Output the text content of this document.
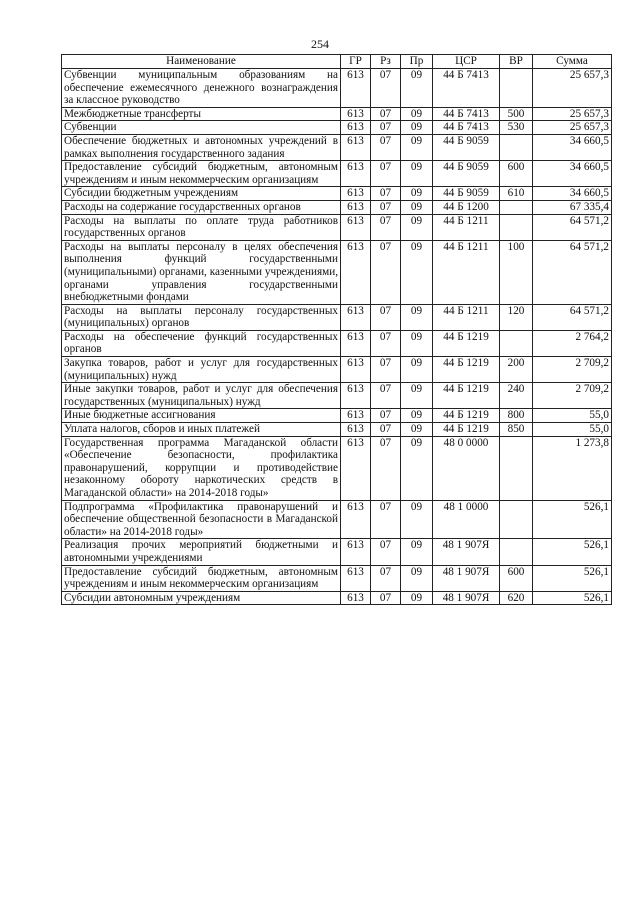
254
Наименование	ГР	Рз	Пр	ЦСР	ВР	Сумма
Субвенции муниципальным образованиям на обеспечение ежемесячного денежного вознаграждения за классное руководство	613	07	09	44 Б 7413		25 657,3
Межбюджетные трансферты	613	07	09	44 Б 7413	500	25 657,3
Субвенции	613	07	09	44 Б 7413	530	25 657,3
Обеспечение бюджетных и автономных учреждений в рамках выполнения государственного задания	613	07	09	44 Б 9059		34 660,5
Предоставление субсидий бюджетным, автономным учреждениям и иным некоммерческим организациям	613	07	09	44 Б 9059	600	34 660,5
Субсидии бюджетным учреждениям	613	07	09	44 Б 9059	610	34 660,5
Расходы на содержание государственных органов	613	07	09	44 Б 1200		67 335,4
Расходы на выплаты по оплате труда работников государственных органов	613	07	09	44 Б 1211		64 571,2
Расходы на выплаты персоналу в целях обеспечения выполнения функций государственными (муниципальными) органами, казенными учреждениями, органами управления государственными внебюджетными фондами	613	07	09	44 Б 1211	100	64 571,2
Расходы на выплаты персоналу государственных (муниципальных) органов	613	07	09	44 Б 1211	120	64 571,2
Расходы на обеспечение функций государственных органов	613	07	09	44 Б 1219		2 764,2
Закупка товаров, работ и услуг для государственных (муниципальных) нужд	613	07	09	44 Б 1219	200	2 709,2
Иные закупки товаров, работ и услуг для обеспечения государственных (муниципальных) нужд	613	07	09	44 Б 1219	240	2 709,2
Иные бюджетные ассигнования	613	07	09	44 Б 1219	800	55,0
Уплата налогов, сборов и иных платежей	613	07	09	44 Б 1219	850	55,0
Государственная программа Магаданской области «Обеспечение безопасности, профилактика правонарушений, коррупции и противодействие незаконному обороту наркотических средств в Магаданской области» на 2014-2018 годы»	613	07	09	48 0 0000		1 273,8
Подпрограмма «Профилактика правонарушений и обеспечение общественной безопасности в Магаданской области» на 2014-2018 годы»	613	07	09	48 1 0000		526,1
Реализация прочих мероприятий бюджетными и автономными учреждениями	613	07	09	48 1 907Я		526,1
Предоставление субсидий бюджетным, автономным учреждениям и иным некоммерческим организациям	613	07	09	48 1 907Я	600	526,1
Субсидии автономным учреждениям	613	07	09	48 1 907Я	620	526,1
